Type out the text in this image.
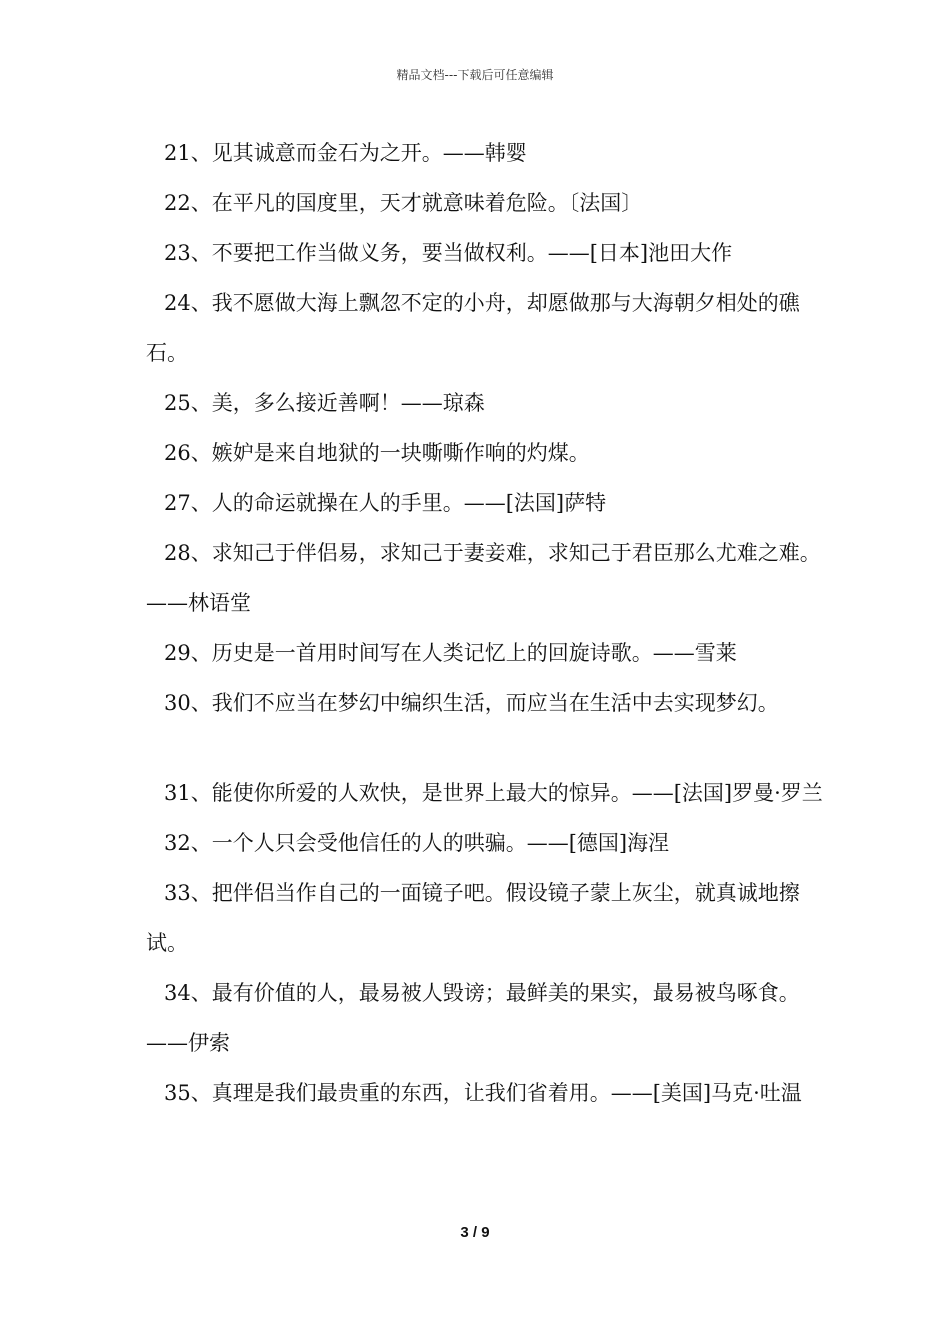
精品文档---下载后可任意编辑

21、见其诚意而金石为之开。——韩婴

22、在平凡的国度里，天才就意味着危险。〔法国〕

23、不要把工作当做义务，要当做权利。——[日本]池田大作

24、我不愿做大海上飘忽不定的小舟，却愿做那与大海朝夕相处的礁石。

25、美，多么接近善啊！——琼森

26、嫉妒是来自地狱的一块嘶嘶作响的灼煤。

27、人的命运就操在人的手里。——[法国]萨特

28、求知己于伴侣易，求知己于妻妾难，求知己于君臣那么尤难之难。——林语堂

29、历史是一首用时间写在人类记忆上的回旋诗歌。——雪莱

30、我们不应当在梦幻中编织生活，而应当在生活中去实现梦幻。

31、能使你所爱的人欢快，是世界上最大的惊异。——[法国]罗曼·罗兰

32、一个人只会受他信任的人的哄骗。——[德国]海涅

33、把伴侣当作自己的一面镜子吧。假设镜子蒙上灰尘，就真诚地擦试。

34、最有价值的人，最易被人毁谤；最鲜美的果实，最易被鸟啄食。——伊索

35、真理是我们最贵重的东西，让我们省着用。——[美国]马克·吐温

3 / 9
